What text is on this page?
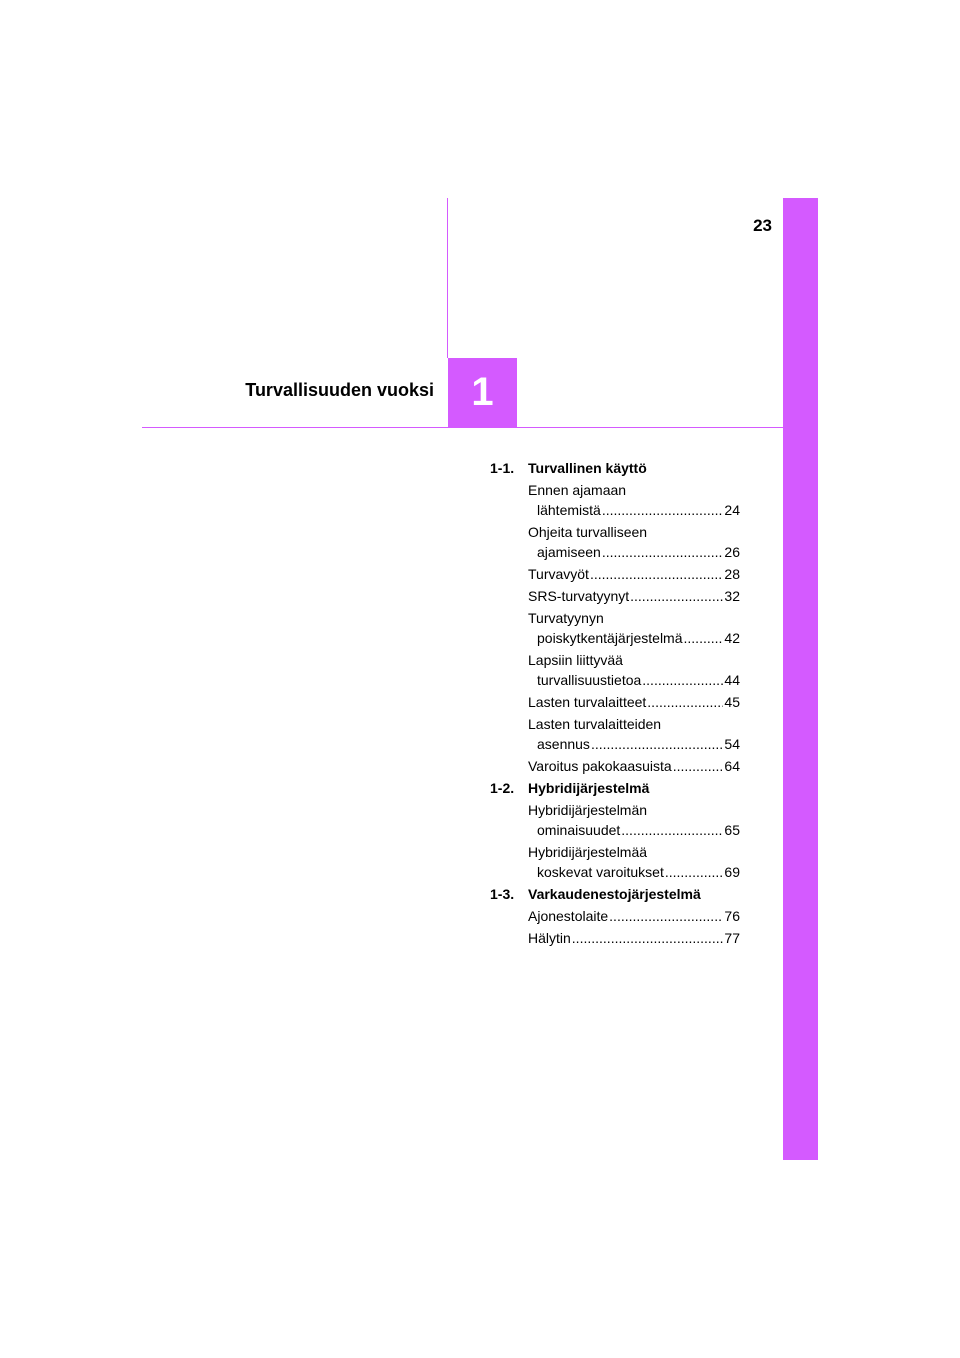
23
Turvallisuuden vuoksi 1
1-1. Turvallinen käyttö
Ennen ajamaan
lähtemistä .....	24
Ohjeita turvalliseen
ajamiseen .....	26
Turvavyöt .....	28
SRS-turvatyynyt .....	32
Turvatyynyn
poiskytkentäjärjestelmä .....	42
Lapsiin liittyvää
turvallisuustietoa .....	44
Lasten turvalaitteet .....	45
Lasten turvalaitteiden
asennus .....	54
Varoitus pakokaasuista .....	64
1-2. Hybridijärjestelmä
Hybridijärjestelmän
ominaisuudet .....	65
Hybridijärjestelmää
koskevat varoitukset .....	69
1-3. Varkaudenestojärjestelmä
Ajonestolaite .....	76
Hälytin .....	77
